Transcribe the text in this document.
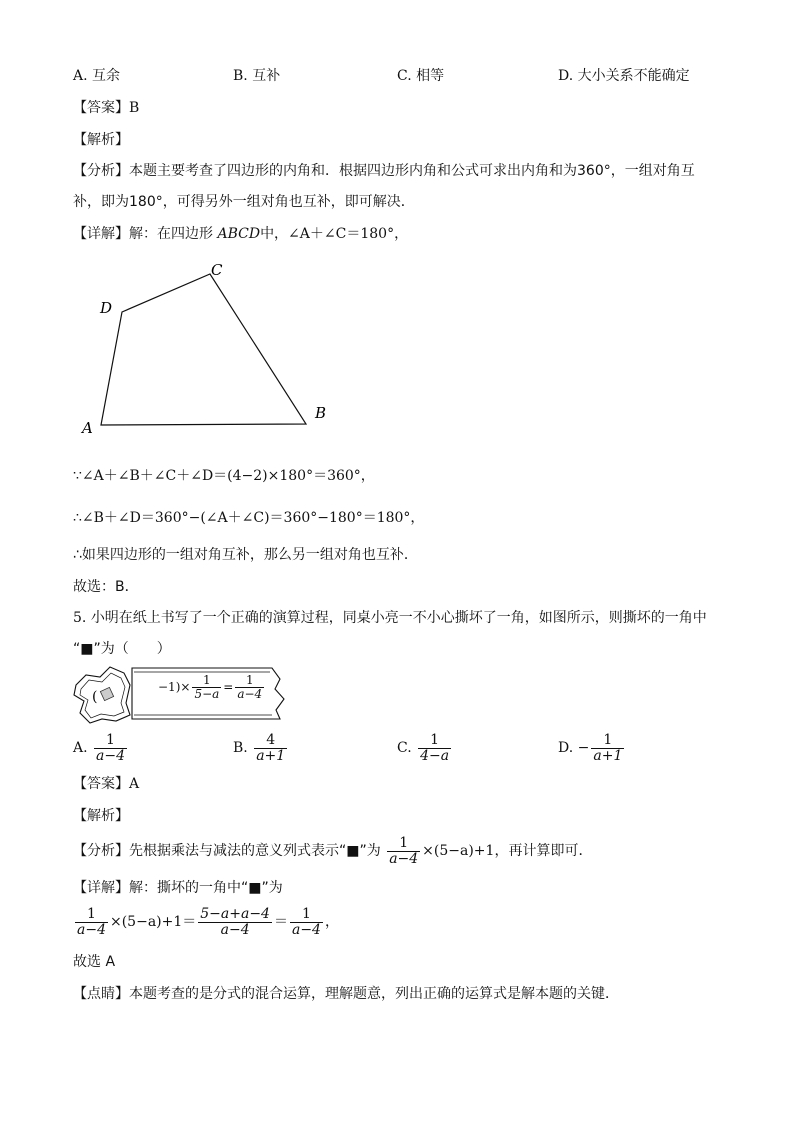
A. 互余	B. 互补	C. 相等	D. 大小关系不能确定
【答案】B
【解析】
【分析】本题主要考查了四边形的内角和．根据四边形内角和公式可求出内角和为360°，一组对角互
补，即为180°，可得另外一组对角也互补，即可解决．
【详解】解：在四边形 ABCD中，∠A＋∠C＝180°，
A
B
C
D
∵∠A＋∠B＋∠C＋∠D＝(4−2)×180°＝360°，
∴∠B＋∠D＝360°−(∠A＋∠C)＝360°−180°＝180°，
∴如果四边形的一组对角互补，那么另一组对角也互补．
故选：B．
5. 小明在纸上书写了一个正确的演算过程，同桌小亮一不小心撕坏了一角，如图所示，则撕坏的一角中
“■”为（　　）
(
$-1)\times \frac{1}{5-a} = \frac{1}{a-4}$
A. $\frac{1}{a-4}$	B. $\frac{4}{a+1}$	C. $\frac{1}{4-a}$	D. − $\frac{1}{a+1}$
【答案】A
【解析】
【分析】先根据乘法与减法的意义列式表示“■”为 $\frac{1}{a-4} \times(5-a)+1$，再计算即可．
【详解】解：撕坏的一角中“■”为
$\frac{1}{a-4} \times(5-a)+1= \frac{5-a+a-4}{a-4} = \frac{1}{a-4}$ ，
故选 A
【点睛】本题考查的是分式的混合运算，理解题意，列出正确的运算式是解本题的关键．
